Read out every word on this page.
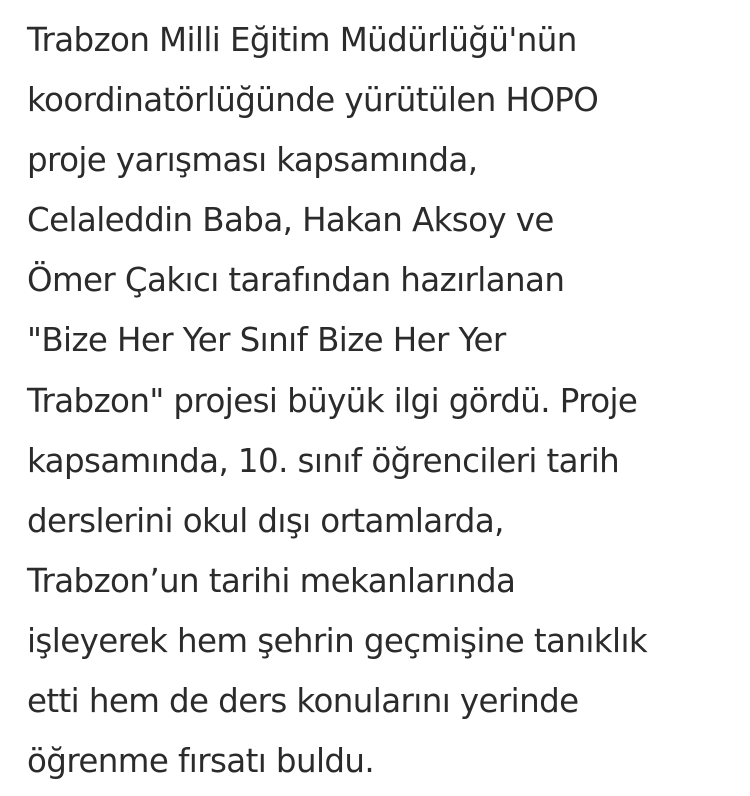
Trabzon Milli Eğitim Müdürlüğü'nün
koordinatörlüğünde yürütülen HOPO
proje yarışması kapsamında,
Celaleddin Baba, Hakan Aksoy ve
Ömer Çakıcı tarafından hazırlanan
"Bize Her Yer Sınıf Bize Her Yer
Trabzon" projesi büyük ilgi gördü. Proje
kapsamında, 10. sınıf öğrencileri tarih
derslerini okul dışı ortamlarda,
Trabzon’un tarihi mekanlarında
işleyerek hem şehrin geçmişine tanıklık
etti hem de ders konularını yerinde
öğrenme fırsatı buldu.
